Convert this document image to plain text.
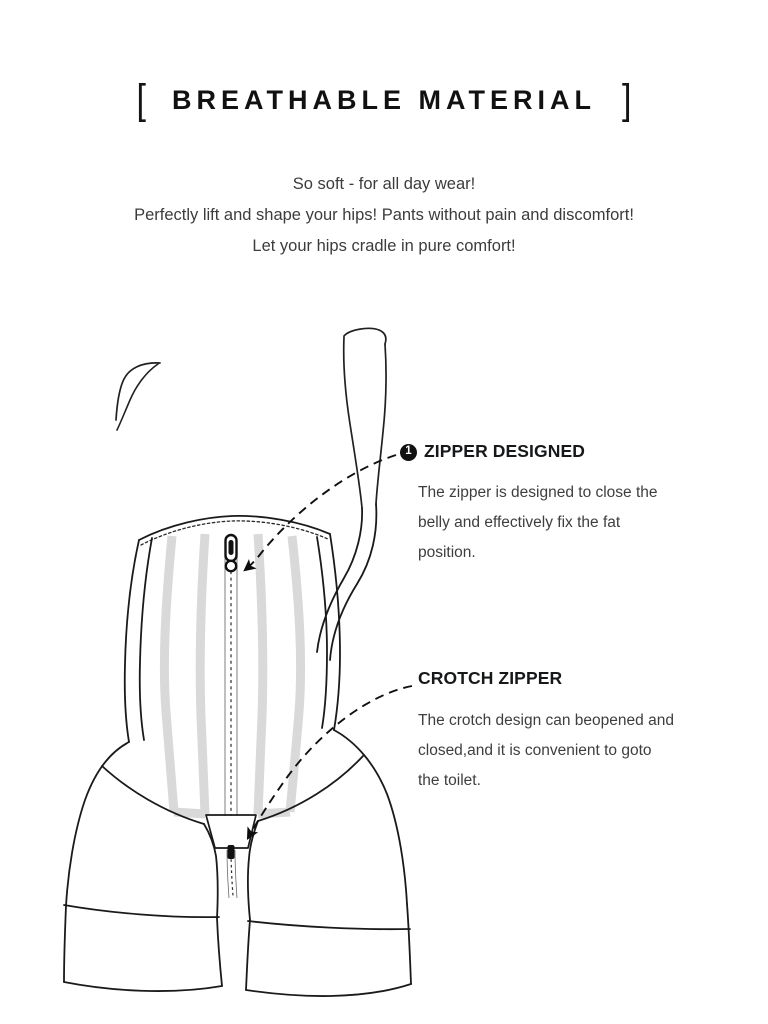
[ BREATHABLE MATERIAL ]
So soft - for all day wear!
Perfectly lift and shape your hips! Pants without pain and discomfort!
Let your hips cradle in pure comfort!
1 ZIPPER DESIGNED
The zipper is designed to close the
belly and effectively fix the fat
position.
CROTCH ZIPPER
The crotch design can beopened and
closed,and it is convenient to goto
the toilet.
